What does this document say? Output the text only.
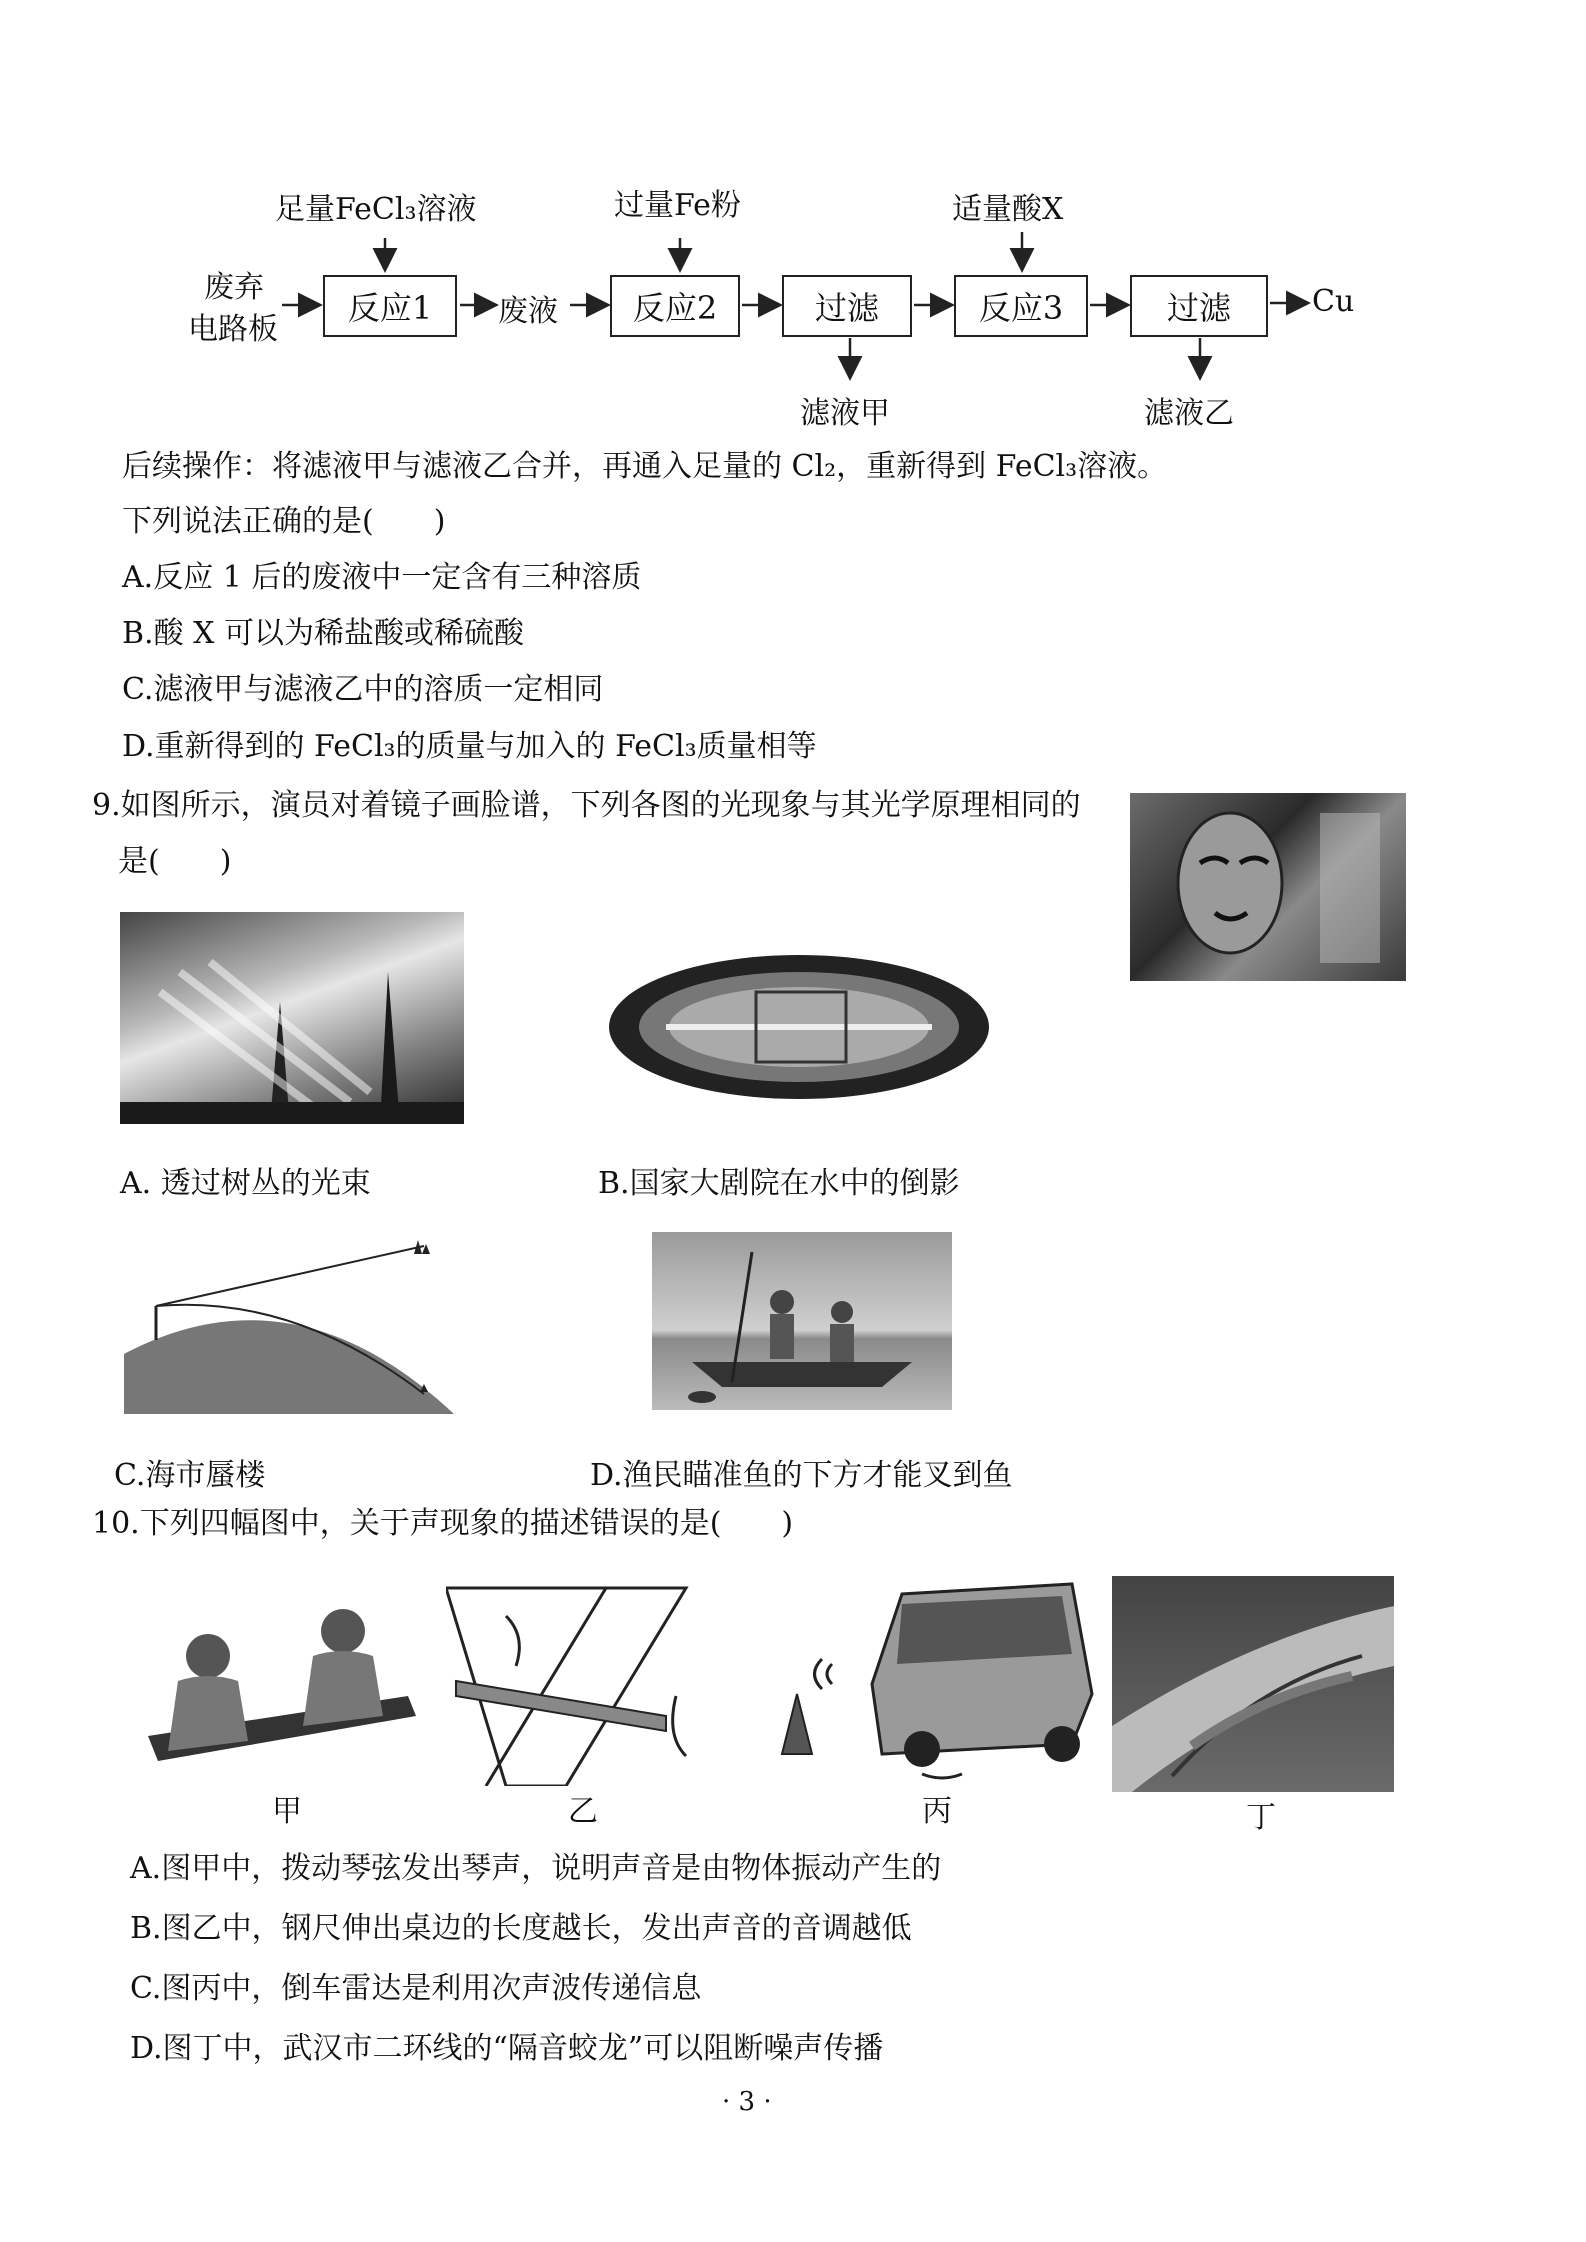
足量FeCl₃溶液	过量Fe粉	适量酸X
废弃
电路板
反应1	废液	反应2	过滤	反应3	过滤	Cu
滤液甲	滤液乙
后续操作：将滤液甲与滤液乙合并，再通入足量的 Cl₂，重新得到 FeCl₃溶液。
下列说法正确的是(　　)
A.反应 1 后的废液中一定含有三种溶质
B.酸 X 可以为稀盐酸或稀硫酸
C.滤液甲与滤液乙中的溶质一定相同
D.重新得到的 FeCl₃的质量与加入的 FeCl₃质量相等
9.如图所示，演员对着镜子画脸谱，下列各图的光现象与其光学原理相同的
是(　　)
A. 透过树丛的光束	B.国家大剧院在水中的倒影
C.海市蜃楼	D.渔民瞄准鱼的下方才能叉到鱼
10.下列四幅图中，关于声现象的描述错误的是(　　)
甲	乙	丙	丁
A.图甲中，拨动琴弦发出琴声，说明声音是由物体振动产生的
B.图乙中，钢尺伸出桌边的长度越长，发出声音的音调越低
C.图丙中，倒车雷达是利用次声波传递信息
D.图丁中，武汉市二环线的“隔音蛟龙”可以阻断噪声传播
· 3 ·
